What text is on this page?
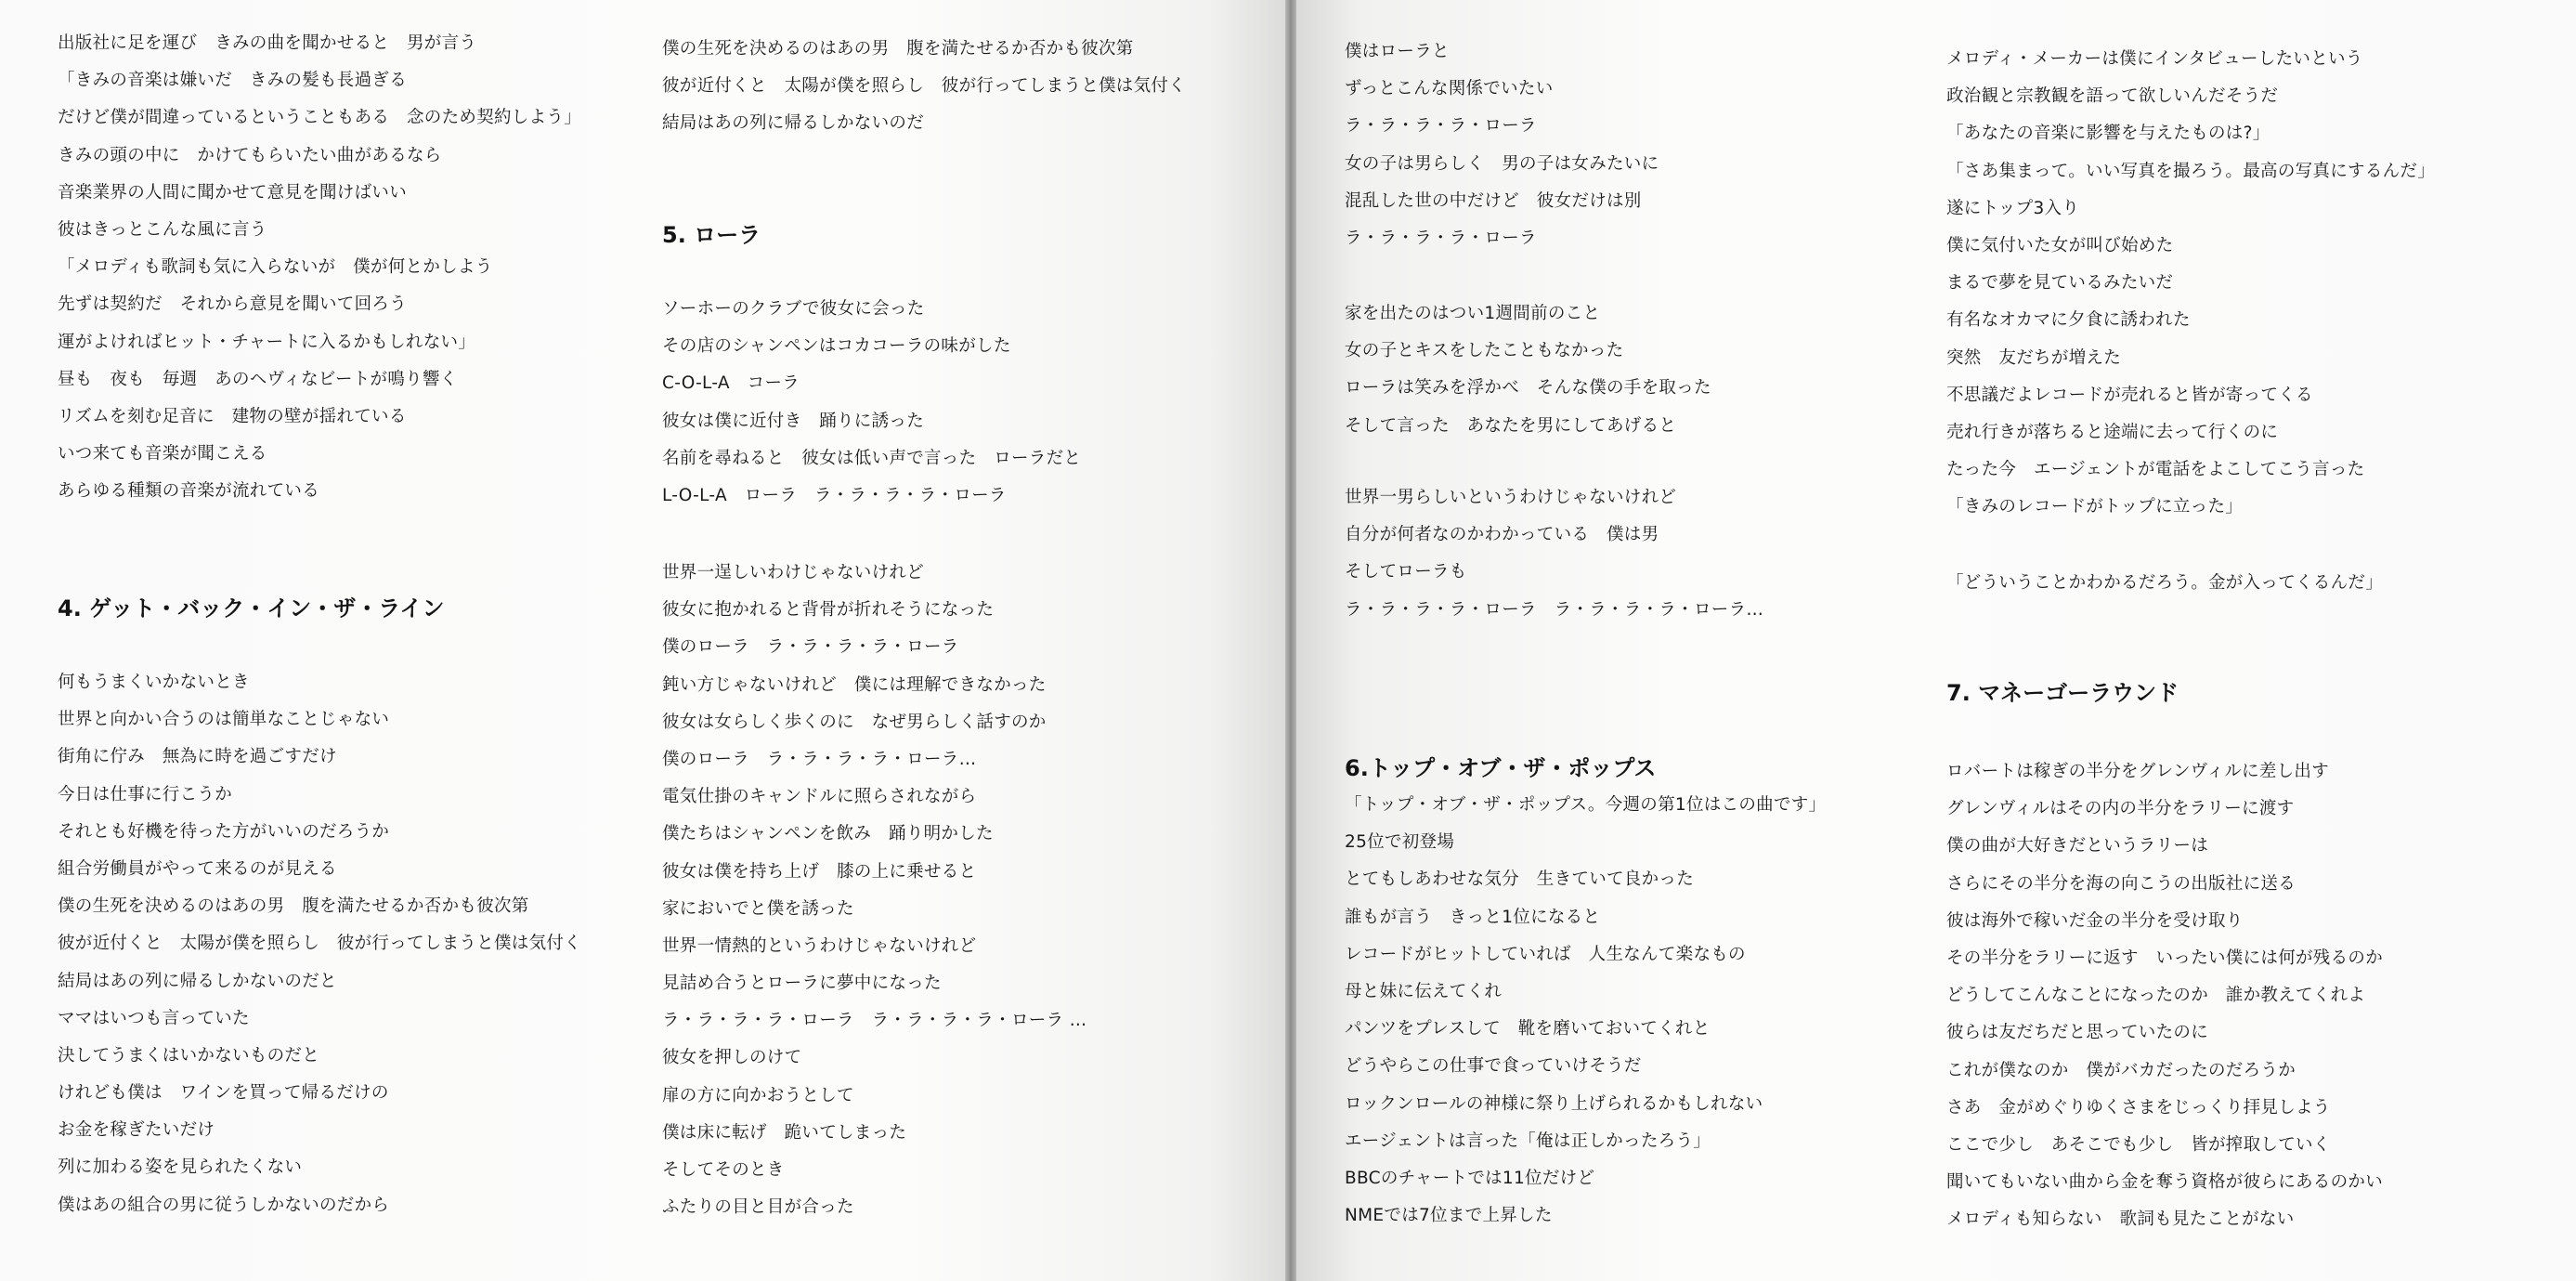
出版社に足を運び　きみの曲を聞かせると　男が言う
「きみの音楽は嫌いだ　きみの髪も長過ぎる
だけど僕が間違っているということもある　念のため契約しよう」
きみの頭の中に　かけてもらいたい曲があるなら
音楽業界の人間に聞かせて意見を聞けばいい
彼はきっとこんな風に言う
「メロディも歌詞も気に入らないが　僕が何とかしよう
先ずは契約だ　それから意見を聞いて回ろう
運がよければヒット・チャートに入るかもしれない」
昼も　夜も　毎週　あのヘヴィなビートが鳴り響く
リズムを刻む足音に　建物の壁が揺れている
いつ来ても音楽が聞こえる
あらゆる種類の音楽が流れている
4. ゲット・バック・イン・ザ・ライン
何もうまくいかないとき
世界と向かい合うのは簡単なことじゃない
街角に佇み　無為に時を過ごすだけ
今日は仕事に行こうか
それとも好機を待った方がいいのだろうか
組合労働員がやって来るのが見える
僕の生死を決めるのはあの男　腹を満たせるか否かも彼次第
彼が近付くと　太陽が僕を照らし　彼が行ってしまうと僕は気付く
結局はあの列に帰るしかないのだと
ママはいつも言っていた
決してうまくはいかないものだと
けれども僕は　ワインを買って帰るだけの
お金を稼ぎたいだけ
列に加わる姿を見られたくない
僕はあの組合の男に従うしかないのだから
僕の生死を決めるのはあの男　腹を満たせるか否かも彼次第
彼が近付くと　太陽が僕を照らし　彼が行ってしまうと僕は気付く
結局はあの列に帰るしかないのだ
5. ローラ
ソーホーのクラブで彼女に会った
その店のシャンペンはコカコーラの味がした
C-O-L-A　コーラ
彼女は僕に近付き　踊りに誘った
名前を尋ねると　彼女は低い声で言った　ローラだと
L-O-L-A　ローラ　ラ・ラ・ラ・ラ・ローラ
世界一逞しいわけじゃないけれど
彼女に抱かれると背骨が折れそうになった
僕のローラ　ラ・ラ・ラ・ラ・ローラ
鈍い方じゃないけれど　僕には理解できなかった
彼女は女らしく歩くのに　なぜ男らしく話すのか
僕のローラ　ラ・ラ・ラ・ラ・ローラ…
電気仕掛のキャンドルに照らされながら
僕たちはシャンペンを飲み　踊り明かした
彼女は僕を持ち上げ　膝の上に乗せると
家においでと僕を誘った
世界一情熱的というわけじゃないけれど
見詰め合うとローラに夢中になった
ラ・ラ・ラ・ラ・ローラ　ラ・ラ・ラ・ラ・ローラ …
彼女を押しのけて
扉の方に向かおうとして
僕は床に転げ　跪いてしまった
そしてそのとき
ふたりの目と目が合った
僕はローラと
ずっとこんな関係でいたい
ラ・ラ・ラ・ラ・ローラ
女の子は男らしく　男の子は女みたいに
混乱した世の中だけど　彼女だけは別
ラ・ラ・ラ・ラ・ローラ
家を出たのはつい1週間前のこと
女の子とキスをしたこともなかった
ローラは笑みを浮かべ　そんな僕の手を取った
そして言った　あなたを男にしてあげると
世界一男らしいというわけじゃないけれど
自分が何者なのかわかっている　僕は男
そしてローラも
ラ・ラ・ラ・ラ・ローラ　ラ・ラ・ラ・ラ・ローラ…
6.トップ・オブ・ザ・ポップス
「トップ・オブ・ザ・ポップス。今週の第1位はこの曲です」
25位で初登場
とてもしあわせな気分　生きていて良かった
誰もが言う　きっと1位になると
レコードがヒットしていれば　人生なんて楽なもの
母と妹に伝えてくれ
パンツをプレスして　靴を磨いておいてくれと
どうやらこの仕事で食っていけそうだ
ロックンロールの神様に祭り上げられるかもしれない
エージェントは言った「俺は正しかったろう」
BBCのチャートでは11位だけど
NMEでは7位まで上昇した
メロディ・メーカーは僕にインタビューしたいという
政治観と宗教観を語って欲しいんだそうだ
「あなたの音楽に影響を与えたものは?」
「さあ集まって。いい写真を撮ろう。最高の写真にするんだ」
遂にトップ3入り
僕に気付いた女が叫び始めた
まるで夢を見ているみたいだ
有名なオカマに夕食に誘われた
突然　友だちが増えた
不思議だよレコードが売れると皆が寄ってくる
売れ行きが落ちると途端に去って行くのに
たった今　エージェントが電話をよこしてこう言った
「きみのレコードがトップに立った」
「どういうことかわかるだろう。金が入ってくるんだ」
7. マネーゴーラウンド
ロバートは稼ぎの半分をグレンヴィルに差し出す
グレンヴィルはその内の半分をラリーに渡す
僕の曲が大好きだというラリーは
さらにその半分を海の向こうの出版社に送る
彼は海外で稼いだ金の半分を受け取り
その半分をラリーに返す　いったい僕には何が残るのか
どうしてこんなことになったのか　誰か教えてくれよ
彼らは友だちだと思っていたのに
これが僕なのか　僕がバカだったのだろうか
さあ　金がめぐりゆくさまをじっくり拝見しよう
ここで少し　あそこでも少し　皆が搾取していく
聞いてもいない曲から金を奪う資格が彼らにあるのかい
メロディも知らない　歌詞も見たことがない
